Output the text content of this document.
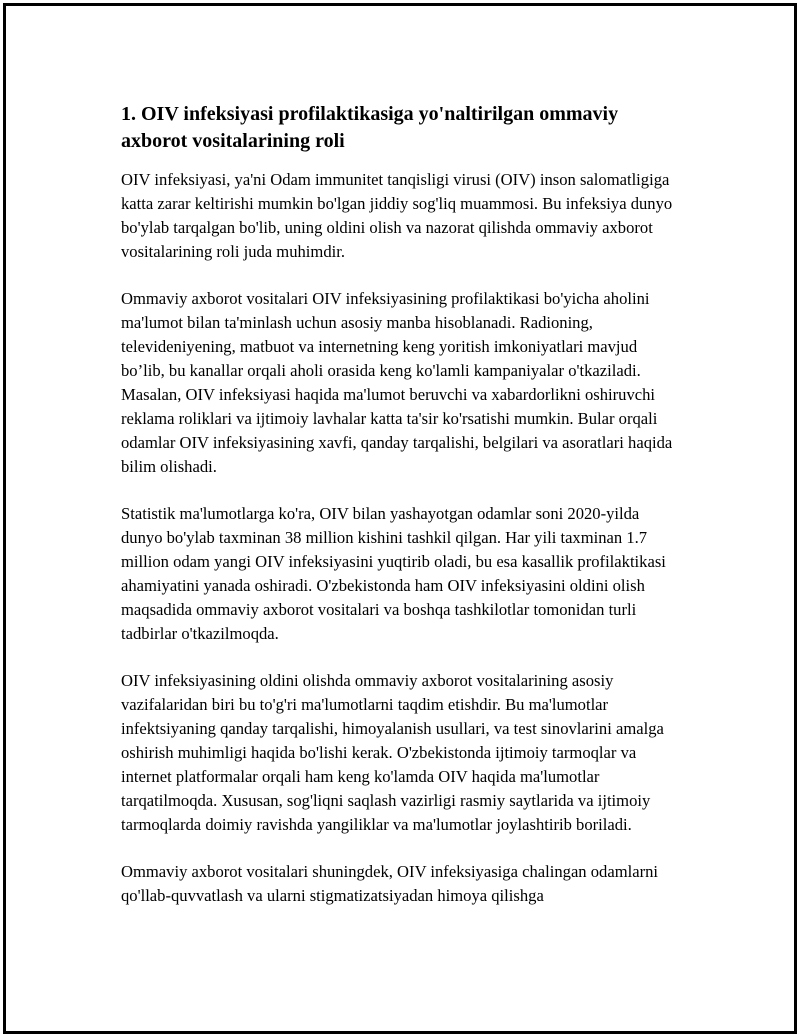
1. OIV infeksiyasi profilaktikasiga yo'naltirilgan ommaviy axborot vositalarining roli

OIV infeksiyasi, ya'ni Odam immunitet tanqisligi virusi (OIV) inson salomatligiga katta zarar keltirishi mumkin bo'lgan jiddiy sog'liq muammosi. Bu infeksiya dunyo bo'ylab tarqalgan bo'lib, uning oldini olish va nazorat qilishda ommaviy axborot vositalarining roli juda muhimdir.

Ommaviy axborot vositalari OIV infeksiyasining profilaktikasi bo'yicha aholini ma'lumot bilan ta'minlash uchun asosiy manba hisoblanadi. Radioning, televideniyening, matbuot va internetning keng yoritish imkoniyatlari mavjud bo’lib, bu kanallar orqali aholi orasida keng ko'lamli kampaniyalar o'tkaziladi. Masalan, OIV infeksiyasi haqida ma'lumot beruvchi va xabardorlikni oshiruvchi reklama roliklari va ijtimoiy lavhalar katta ta'sir ko'rsatishi mumkin. Bular orqali odamlar OIV infeksiyasining xavfi, qanday tarqalishi, belgilari va asoratlari haqida bilim olishadi.

Statistik ma'lumotlarga ko'ra, OIV bilan yashayotgan odamlar soni 2020-yilda dunyo bo'ylab taxminan 38 million kishini tashkil qilgan. Har yili taxminan 1.7 million odam yangi OIV infeksiyasini yuqtirib oladi, bu esa kasallik profilaktikasi ahamiyatini yanada oshiradi. O'zbekistonda ham OIV infeksiyasini oldini olish maqsadida ommaviy axborot vositalari va boshqa tashkilotlar tomonidan turli tadbirlar o'tkazilmoqda.

OIV infeksiyasining oldini olishda ommaviy axborot vositalarining asosiy vazifalaridan biri bu to'g'ri ma'lumotlarni taqdim etishdir. Bu ma'lumotlar infektsiyaning qanday tarqalishi, himoyalanish usullari, va test sinovlarini amalga oshirish muhimligi haqida bo'lishi kerak. O'zbekistonda ijtimoiy tarmoqlar va internet platformalar orqali ham keng ko'lamda OIV haqida ma'lumotlar tarqatilmoqda. Xususan, sog'liqni saqlash vazirligi rasmiy saytlarida va ijtimoiy tarmoqlarda doimiy ravishda yangiliklar va ma'lumotlar joylashtirib boriladi.

Ommaviy axborot vositalari shuningdek, OIV infeksiyasiga chalingan odamlarni qo'llab-quvvatlash va ularni stigmatizatsiyadan himoya qilishga
